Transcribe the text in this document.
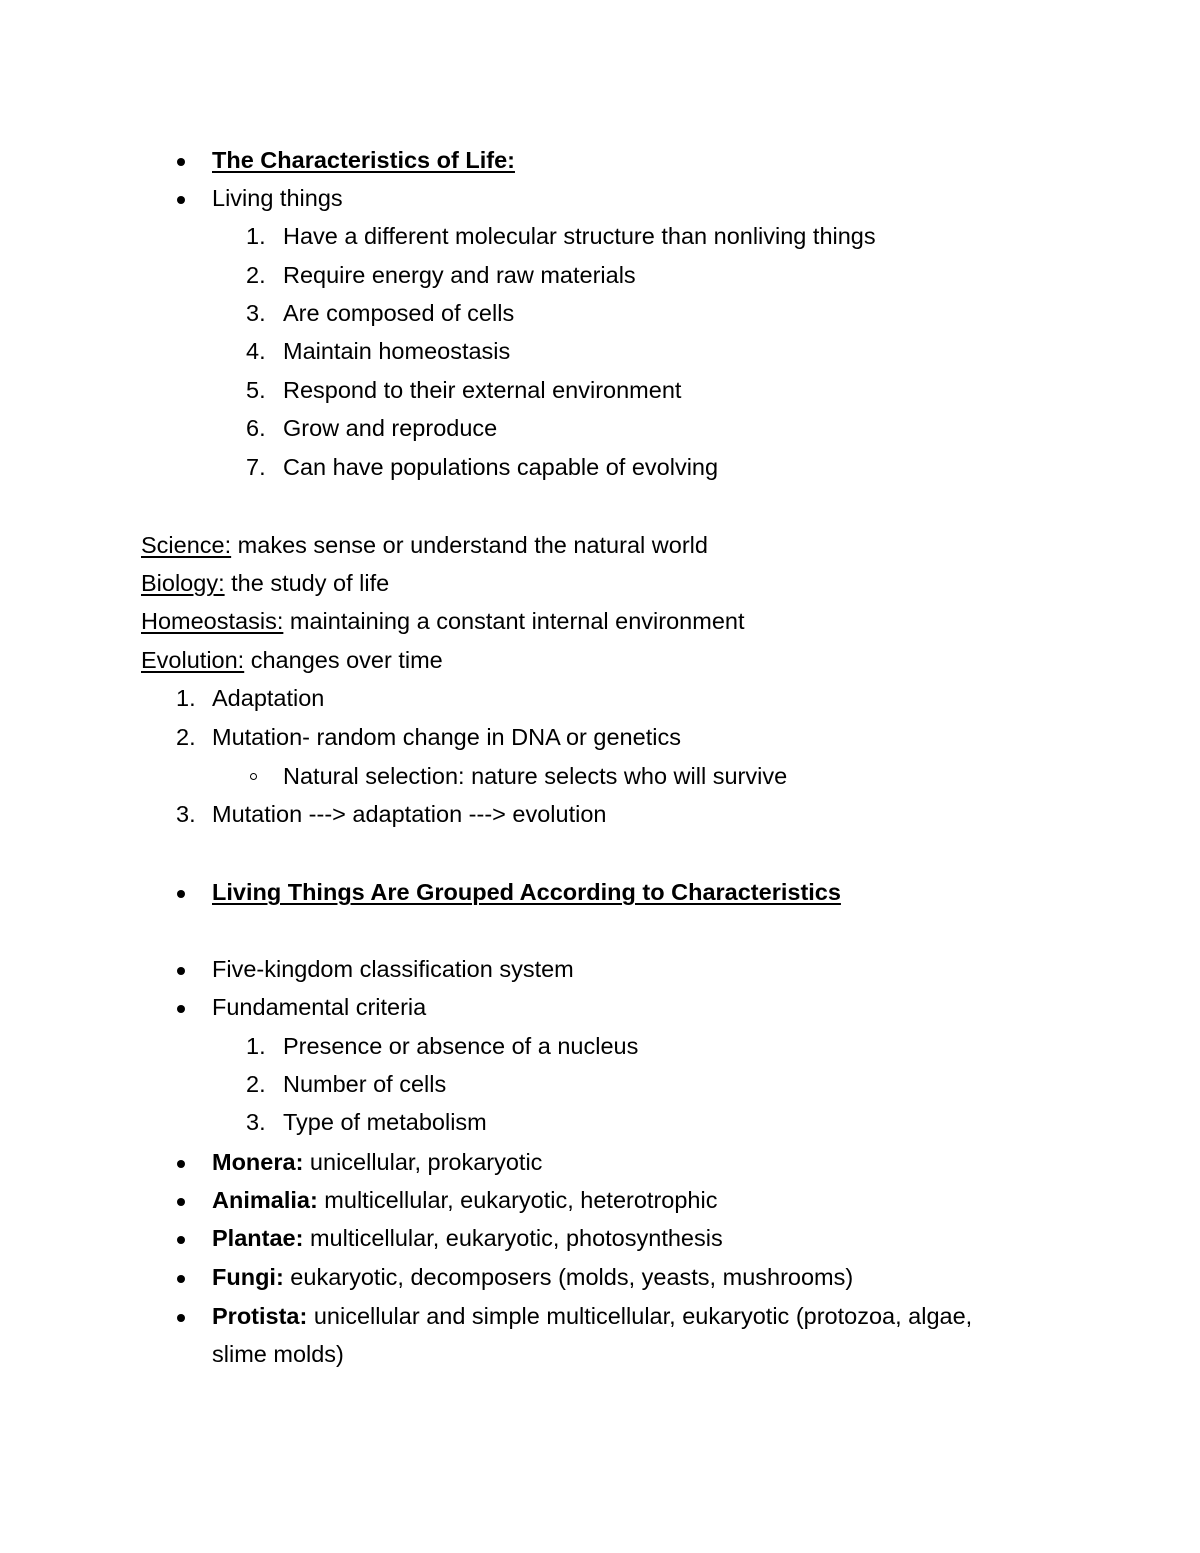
The Characteristics of Life:
Living things
1. Have a different molecular structure than nonliving things
2. Require energy and raw materials
3. Are composed of cells
4. Maintain homeostasis
5. Respond to their external environment
6. Grow and reproduce
7. Can have populations capable of evolving
Science: makes sense or understand the natural world
Biology: the study of life
Homeostasis: maintaining a constant internal environment
Evolution: changes over time
1. Adaptation
2. Mutation- random change in DNA or genetics
Natural selection: nature selects who will survive
3. Mutation ---> adaptation ---> evolution
Living Things Are Grouped According to Characteristics
Five-kingdom classification system
Fundamental criteria
1. Presence or absence of a nucleus
2. Number of cells
3. Type of metabolism
Monera: unicellular, prokaryotic
Animalia: multicellular, eukaryotic, heterotrophic
Plantae: multicellular, eukaryotic, photosynthesis
Fungi: eukaryotic, decomposers (molds, yeasts, mushrooms)
Protista: unicellular and simple multicellular, eukaryotic (protozoa, algae,
slime molds)
